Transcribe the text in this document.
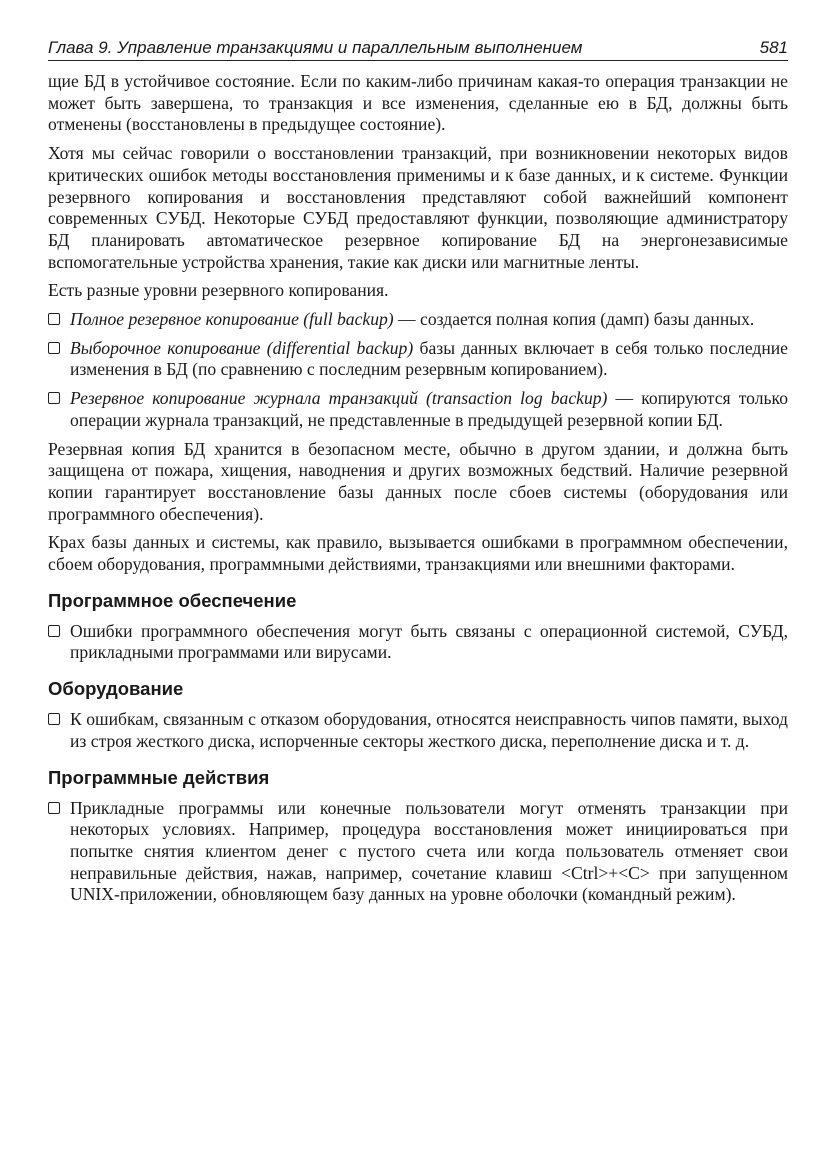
Глава 9. Управление транзакциями и параллельным выполнением	581

щие БД в устойчивое состояние. Если по каким-либо причинам какая-то операция транзакции не может быть завершена, то транзакция и все изменения, сделанные ею в БД, должны быть отменены (восстановлены в предыдущее состояние).

Хотя мы сейчас говорили о восстановлении транзакций, при возникновении некоторых видов критических ошибок методы восстановления применимы и к базе данных, и к системе. Функции резервного копирования и восстановления представляют собой важнейший компонент современных СУБД. Некоторые СУБД предоставляют функции, позволяющие администратору БД планировать автоматическое резервное копирование БД на энергонезависимые вспомогательные устройства хранения, такие как диски или магнитные ленты.

Есть разные уровни резервного копирования.

Полное резервное копирование (full backup) — создается полная копия (дамп) базы данных.
Выборочное копирование (differential backup) базы данных включает в себя только последние изменения в БД (по сравнению с последним резервным копированием).
Резервное копирование журнала транзакций (transaction log backup) — копируются только операции журнала транзакций, не представленные в предыдущей резервной копии БД.

Резервная копия БД хранится в безопасном месте, обычно в другом здании, и должна быть защищена от пожара, хищения, наводнения и других возможных бедствий. Наличие резервной копии гарантирует восстановление базы данных после сбоев системы (оборудования или программного обеспечения).

Крах базы данных и системы, как правило, вызывается ошибками в программном обеспечении, сбоем оборудования, программными действиями, транзакциями или внешними факторами.

Программное обеспечение
Ошибки программного обеспечения могут быть связаны с операционной системой, СУБД, прикладными программами или вирусами.
Оборудование
К ошибкам, связанным с отказом оборудования, относятся неисправность чипов памяти, выход из строя жесткого диска, испорченные секторы жесткого диска, переполнение диска и т. д.
Программные действия
Прикладные программы или конечные пользователи могут отменять транзакции при некоторых условиях. Например, процедура восстановления может инициироваться при попытке снятия клиентом денег с пустого счета или когда пользователь отменяет свои неправильные действия, нажав, например, сочетание клавиш <Ctrl>+<C> при запущенном UNIX-приложении, обновляющем базу данных на уровне оболочки (командный режим).
